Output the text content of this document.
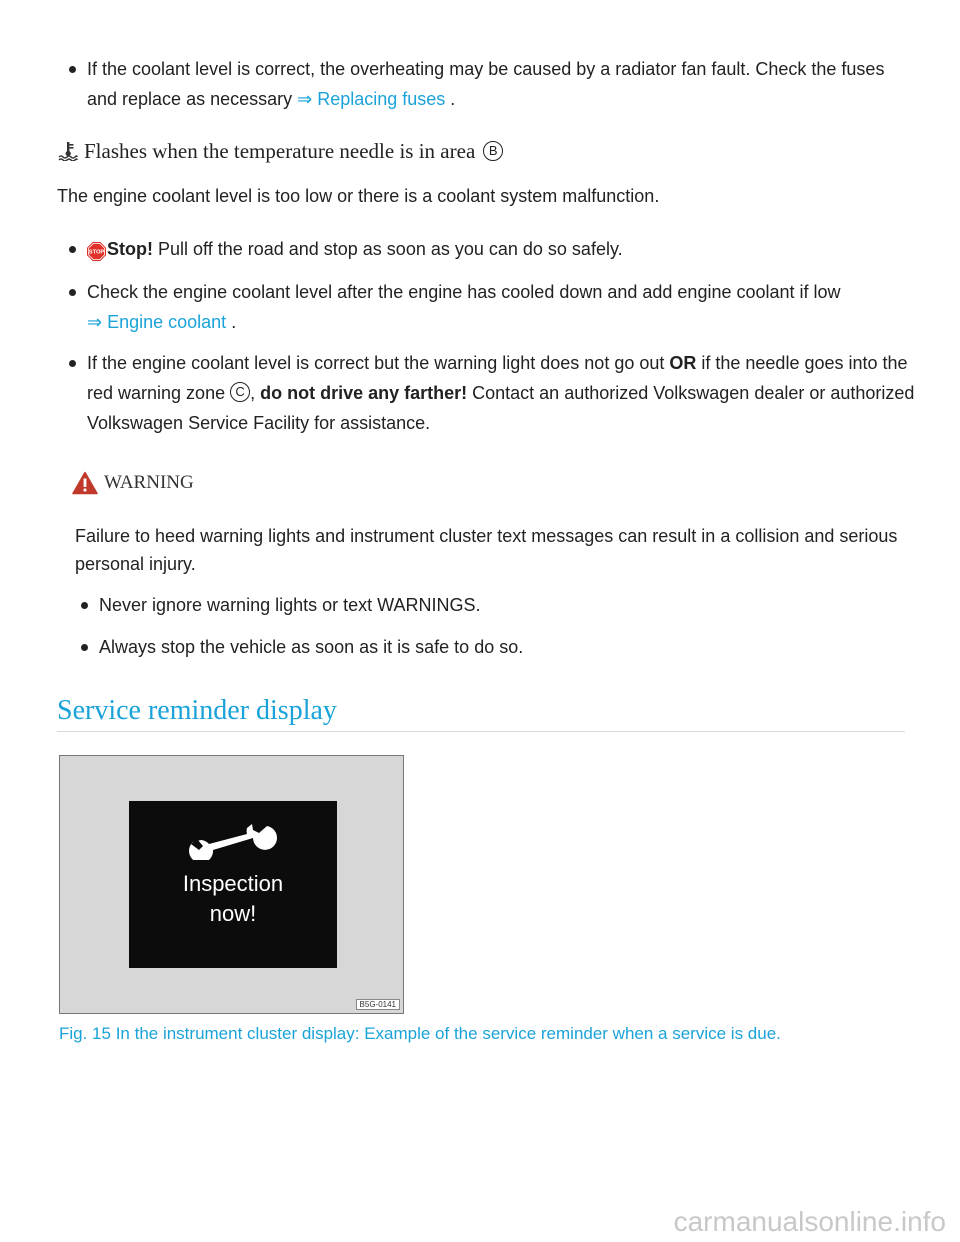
If the coolant level is correct, the overheating may be caused by a radiator fan fault. Check the fuses and replace as necessary ⇒ Replacing fuses .
Flashes when the temperature needle is in area	B
The engine coolant level is too low or there is a coolant system malfunction.
STOP Stop! Pull off the road and stop as soon as you can do so safely.
Check the engine coolant level after the engine has cooled down and add engine coolant if low
⇒ Engine coolant .
If the engine coolant level is correct but the warning light does not go out OR if the needle goes into the red warning zone C , do not drive any farther! Contact an authorized Volkswagen dealer or authorized Volkswagen Service Facility for assistance.
WARNING
Failure to heed warning lights and instrument cluster text messages can result in a collision and serious personal injury.
Never ignore warning lights or text WARNINGS.
Always stop the vehicle as soon as it is safe to do so.
Service reminder display
Inspection
now!
B5G-0141
Fig. 15 In the instrument cluster display: Example of the service reminder when a service is due.
carmanualsonline.info
